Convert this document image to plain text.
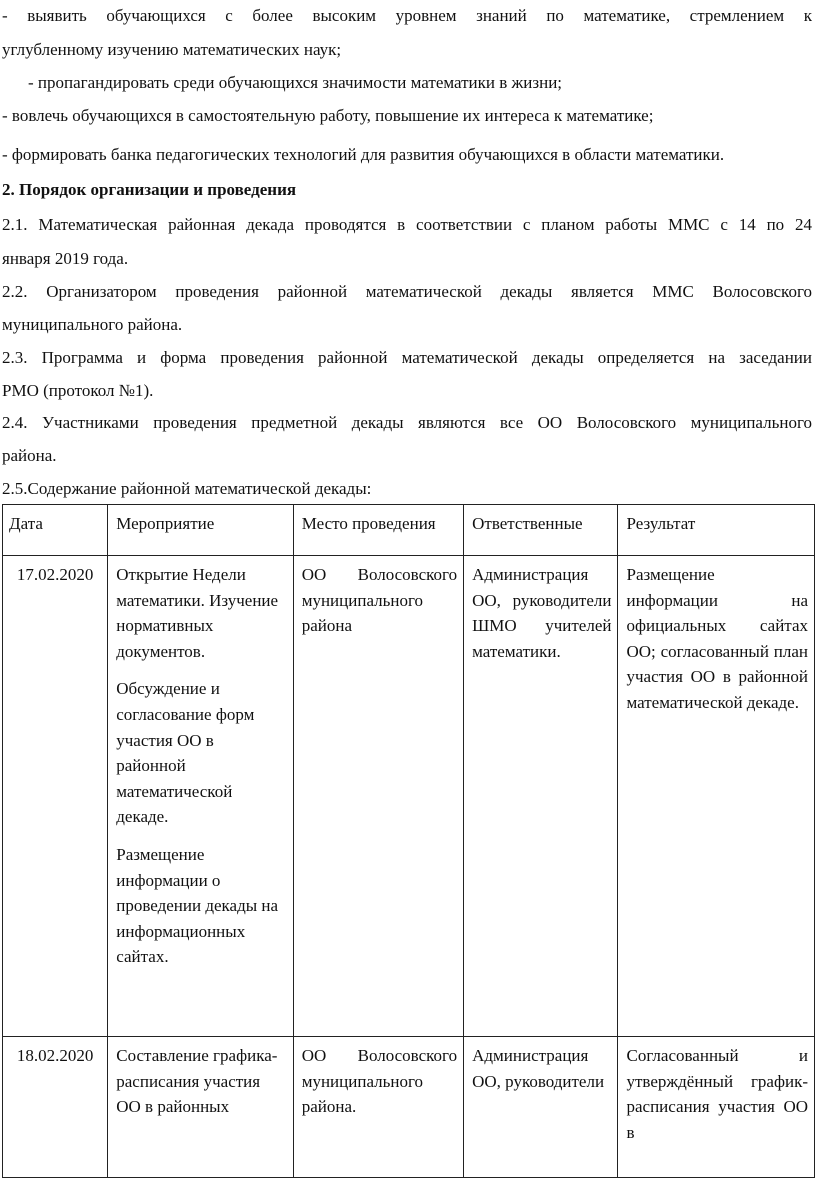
- выявить обучающихся с более высоким уровнем знаний по математике, стремлением к
углубленному изучению математических наук;
- пропагандировать среди обучающихся значимости математики в жизни;
- вовлечь обучающихся в самостоятельную работу, повышение их интереса к математике;
- формировать банка педагогических технологий для развития обучающихся в области математики.
2. Порядок организации и проведения
2.1. Математическая районная декада проводятся в соответствии с планом работы ММС с 14 по 24
января 2019 года.
2.2. Организатором проведения районной математической декады является ММС Волосовского
муниципального района.
2.3. Программа и форма проведения районной математической декады определяется на заседании
РМО (протокол №1).
2.4. Участниками проведения предметной декады являются все ОО Волосовского муниципального
района.
2.5.Содержание районной математической декады:
Дата	Мероприятие	Место проведения	Ответственные	Результат
17.02.2020	Открытие Недели математики. Изучение нормативных документов.

Обсуждение и согласование форм участия ОО в районной математической декаде.

Размещение информации о проведении декады на информационных сайтах.	ОО Волосовского муниципального района	Администрация ОО, руководители ШМО учителей математики.	Размещение информации на официальных сайтах ОО; согласованный план участия ОО в районной математической декаде.
18.02.2020	Составление графика-расписания участия ОО в районных	ОО Волосовского муниципального района.	Администрация ОО, руководители	Согласованный и утверждённый график-расписания участия ОО в
